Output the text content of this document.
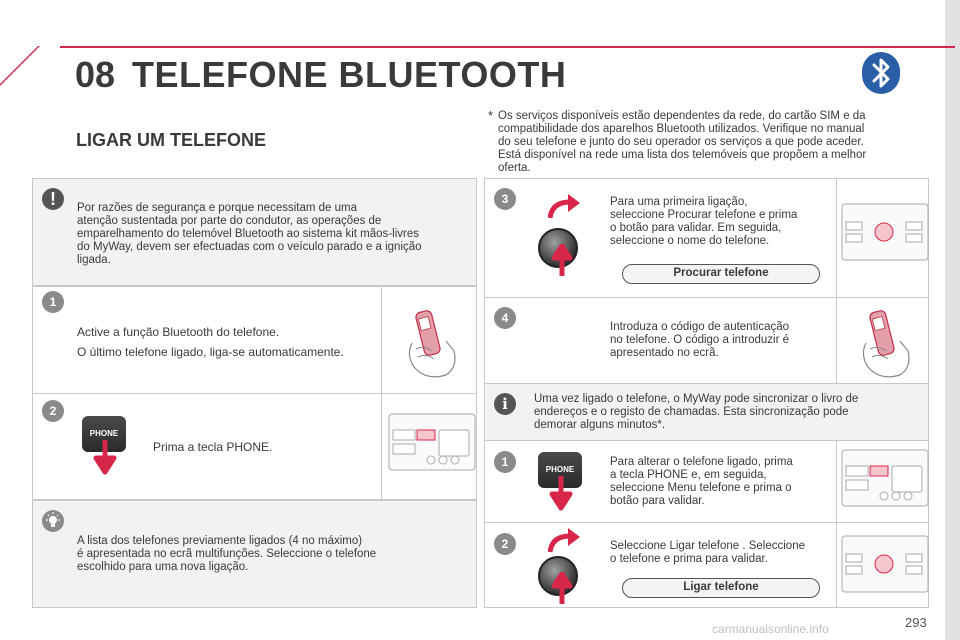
08 TELEFONE BLUETOOTH
LIGAR UM TELEFONE
* Os serviços disponíveis estão dependentes da rede, do cartão SIM e da
compatibilidade dos aparelhos Bluetooth utilizados. Verifique no manual
do seu telefone e junto do seu operador os serviços a que pode aceder.
Está disponível na rede uma lista dos telemóveis que propõem a melhor
oferta.
!	Por razões de segurança e porque necessitam de uma
atenção sustentada por parte do condutor, as operações de
emparelhamento do telemóvel Bluetooth ao sistema kit mãos-livres
do MyWay, devem ser efectuadas com o veículo parado e a ignição
ligada.
1
Active a função Bluetooth do telefone.
O último telefone ligado, liga-se automaticamente.
2
PHONE
Prima a tecla PHONE.
A lista dos telefones previamente ligados (4 no máximo)
é apresentada no ecrã multifunções. Seleccione o telefone
escolhido para uma nova ligação.
3	Para uma primeira ligação,
seleccione Procurar telefone e prima
o botão para validar. Em seguida,
seleccione o nome do telefone.
Procurar telefone
4
Introduza o código de autenticação
no telefone. O código a introduzir é
apresentado no ecrã.
i	Uma vez ligado o telefone, o MyWay pode sincronizar o livro de
endereços e o registo de chamadas. Esta sincronização pode
demorar alguns minutos*.
1
PHONE
Para alterar o telefone ligado, prima
a tecla PHONE e, em seguida,
seleccione Menu telefone e prima o
botão para validar.
2	Seleccione Ligar telefone . Seleccione
o telefone e prima para validar.
Ligar telefone
carmanualsonline.info	293
